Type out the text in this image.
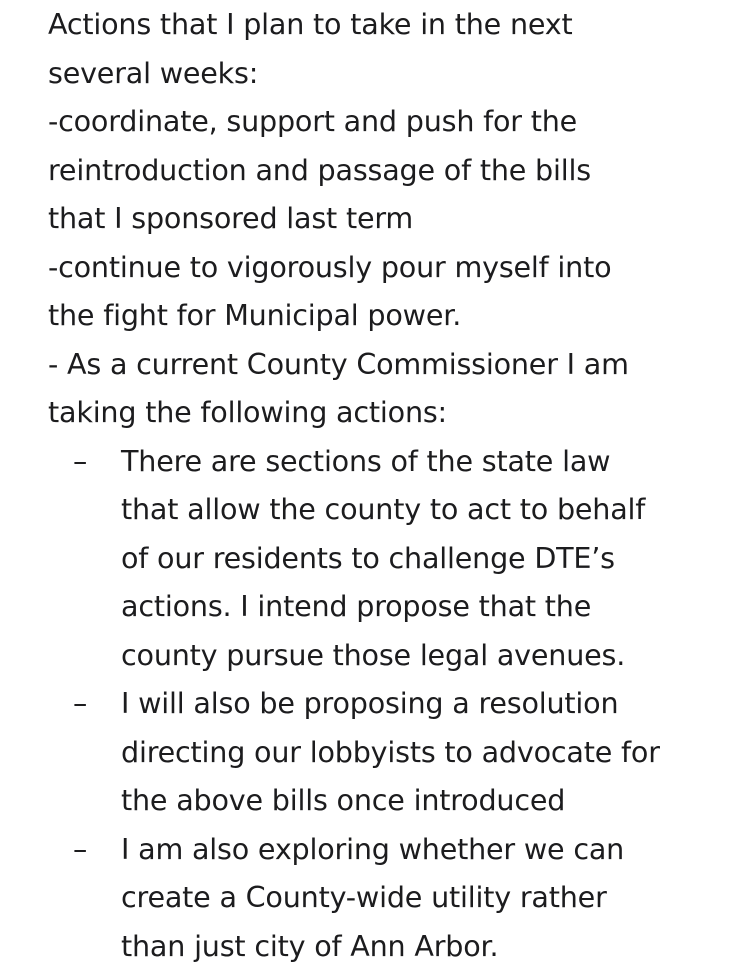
Actions that I plan to take in the next
several weeks:
-coordinate, support and push for the
reintroduction and passage of the bills
that I sponsored last term
-continue to vigorously pour myself into
the fight for Municipal power.
- As a current County Commissioner I am
taking the following actions:
– There are sections of the state law
that allow the county to act to behalf
of our residents to challenge DTE’s
actions. I intend propose that the
county pursue those legal avenues.
– I will also be proposing a resolution
directing our lobbyists to advocate for
the above bills once introduced
– I am also exploring whether we can
create a County-wide utility rather
than just city of Ann Arbor.
